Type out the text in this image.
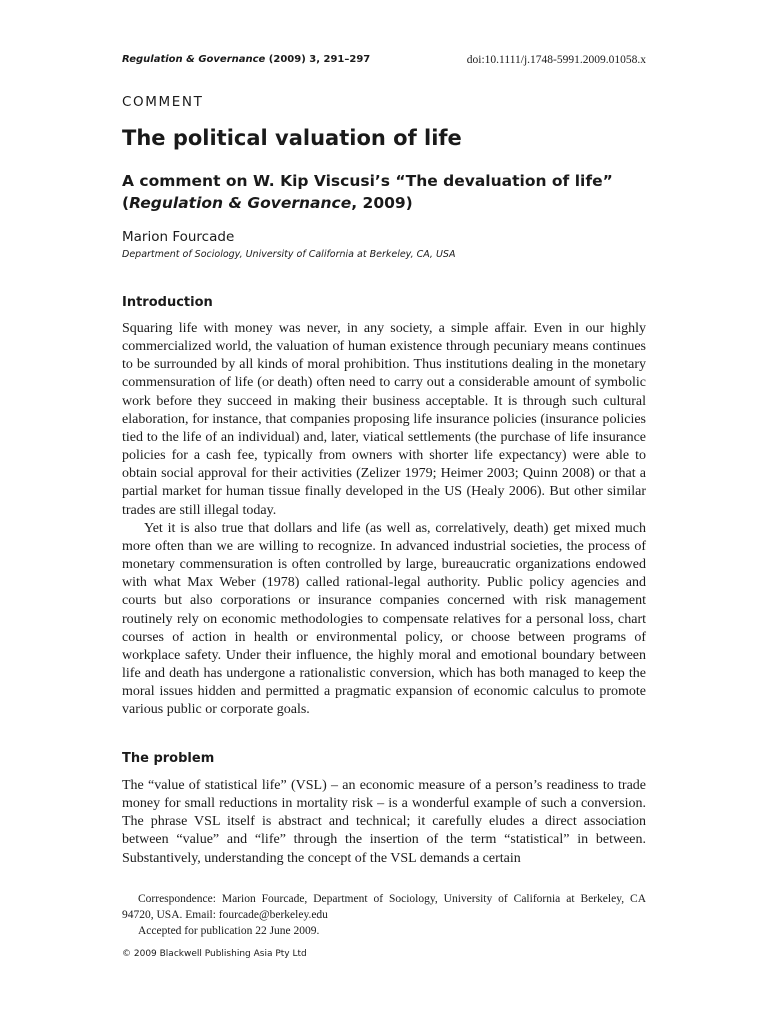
Regulation & Governance (2009) 3, 291–297	doi:10.1111/j.1748-5991.2009.01058.x
COMMENT
The political valuation of life
A comment on W. Kip Viscusi’s “The devaluation of life”
(Regulation & Governance, 2009)
Marion Fourcade
Department of Sociology, University of California at Berkeley, CA, USA
Introduction

Squaring life with money was never, in any society, a simple affair. Even in our highly commercialized world, the valuation of human existence through pecuniary means continues to be surrounded by all kinds of moral prohibition. Thus institutions dealing in the monetary commensuration of life (or death) often need to carry out a considerable amount of symbolic work before they succeed in making their business acceptable. It is through such cultural elaboration, for instance, that companies proposing life insurance policies (insurance policies tied to the life of an individual) and, later, viatical settlements (the purchase of life insurance policies for a cash fee, typically from owners with shorter life expectancy) were able to obtain social approval for their activities (Zelizer 1979; Heimer 2003; Quinn 2008) or that a partial market for human tissue finally developed in the US (Healy 2006). But other similar trades are still illegal today.

Yet it is also true that dollars and life (as well as, correlatively, death) get mixed much more often than we are willing to recognize. In advanced industrial societies, the process of monetary commensuration is often controlled by large, bureaucratic organizations endowed with what Max Weber (1978) called rational-legal authority. Public policy agencies and courts but also corporations or insurance companies concerned with risk management routinely rely on economic methodologies to compensate relatives for a personal loss, chart courses of action in health or environmental policy, or choose between programs of workplace safety. Under their influence, the highly moral and emotional boundary between life and death has undergone a rationalistic conversion, which has both managed to keep the moral issues hidden and permitted a pragmatic expansion of economic calculus to promote various public or corporate goals.

The problem

The “value of statistical life” (VSL) – an economic measure of a person’s readiness to trade money for small reductions in mortality risk – is a wonderful example of such a conversion. The phrase VSL itself is abstract and technical; it carefully eludes a direct association between “value” and “life” through the insertion of the term “statistical” in between. Substantively, understanding the concept of the VSL demands a certain

Correspondence: Marion Fourcade, Department of Sociology, University of California at Berkeley, CA 94720, USA. Email: fourcade@berkeley.edu

Accepted for publication 22 June 2009.

© 2009 Blackwell Publishing Asia Pty Ltd
